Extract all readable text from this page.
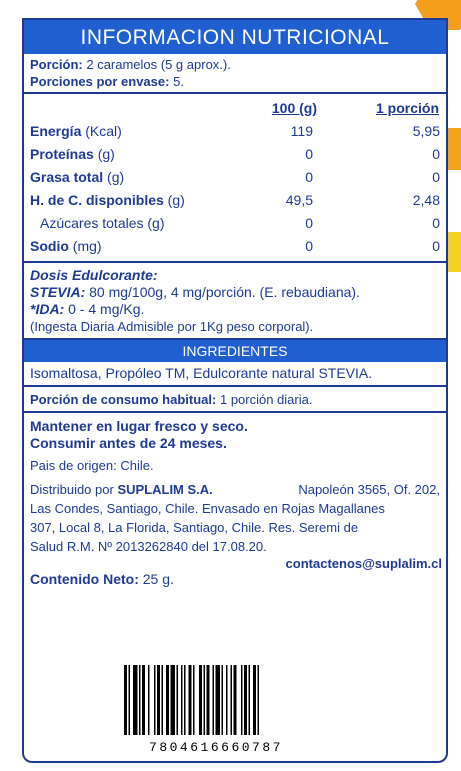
INFORMACION NUTRICIONAL
Porción: 2 caramelos (5 g aprox.).
Porciones por envase: 5.
	100 (g)	1 porción
Energía (Kcal)	119	5,95
Proteínas (g)	0	0
Grasa total (g)	0	0
H. de C. disponibles (g)	49,5	2,48
Azúcares totales (g)	0	0
Sodio (mg)	0	0
Dosis Edulcorante:
STEVIA: 80 mg/100g, 4 mg/porción. (E. rebaudiana).
*IDA: 0 - 4 mg/Kg.
(Ingesta Diaria Admisible por 1Kg peso corporal).
INGREDIENTES
Isomaltosa, Propóleo TM, Edulcorante natural STEVIA.
Porción de consumo habitual: 1 porción diaria.
Mantener en lugar fresco y seco.
Consumir antes de 24 meses.
Pais de origen: Chile.
Distribuido por SUPLALIM S.A.	Napoleón 3565, Of. 202,
Las Condes, Santiago, Chile. Envasado en Rojas Magallanes
307, Local 8, La Florida, Santiago, Chile. Res. Seremi de
Salud R.M. Nº 2013262840 del 17.08.20.
contactenos@suplalim.cl
Contenido Neto: 25 g.
7804616660787
